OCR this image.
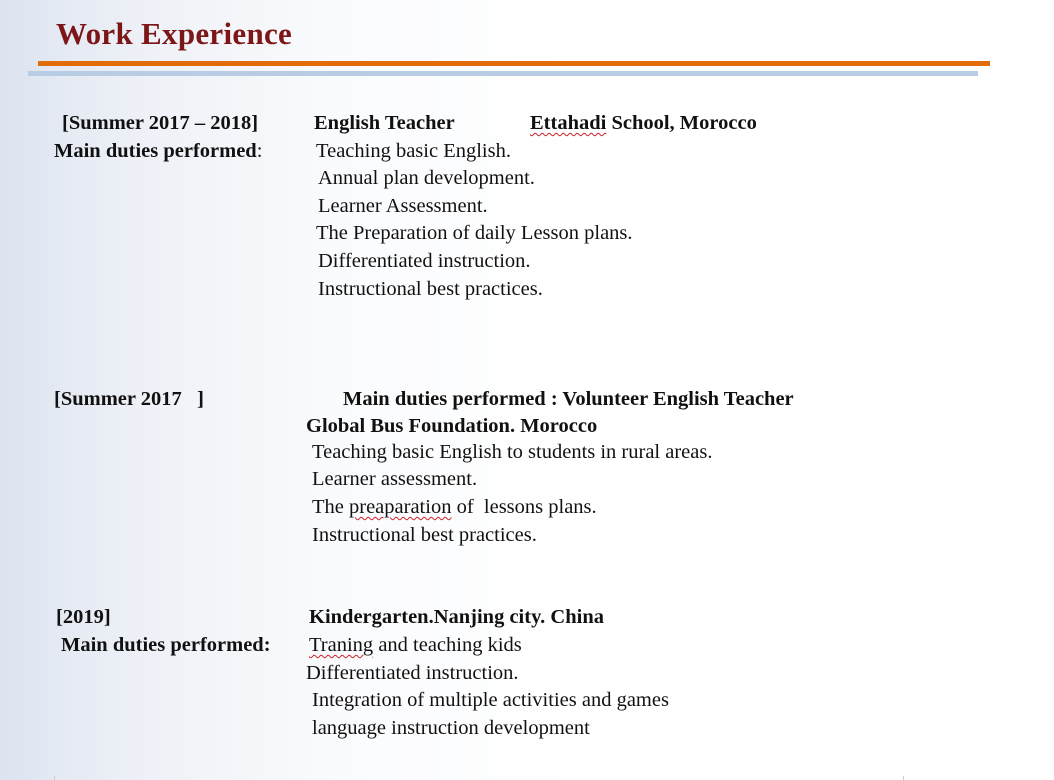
Work Experience
[Summer 2017 – 2018]	English Teacher	Ettahadi School, Morocco
Main duties performed:	Teaching basic English.
Annual plan development.
Learner Assessment.
The Preparation of daily Lesson plans.
Differentiated instruction.
Instructional best practices.
[Summer 2017   ]	Main duties performed : Volunteer English Teacher
Global Bus Foundation. Morocco
Teaching basic English to students in rural areas.
Learner assessment.
The preaparation of  lessons plans.
Instructional best practices.
[2019]	Kindergarten.Nanjing city. China
Main duties performed: Traning and teaching kids
Differentiated instruction.
Integration of multiple activities and games
language instruction development
